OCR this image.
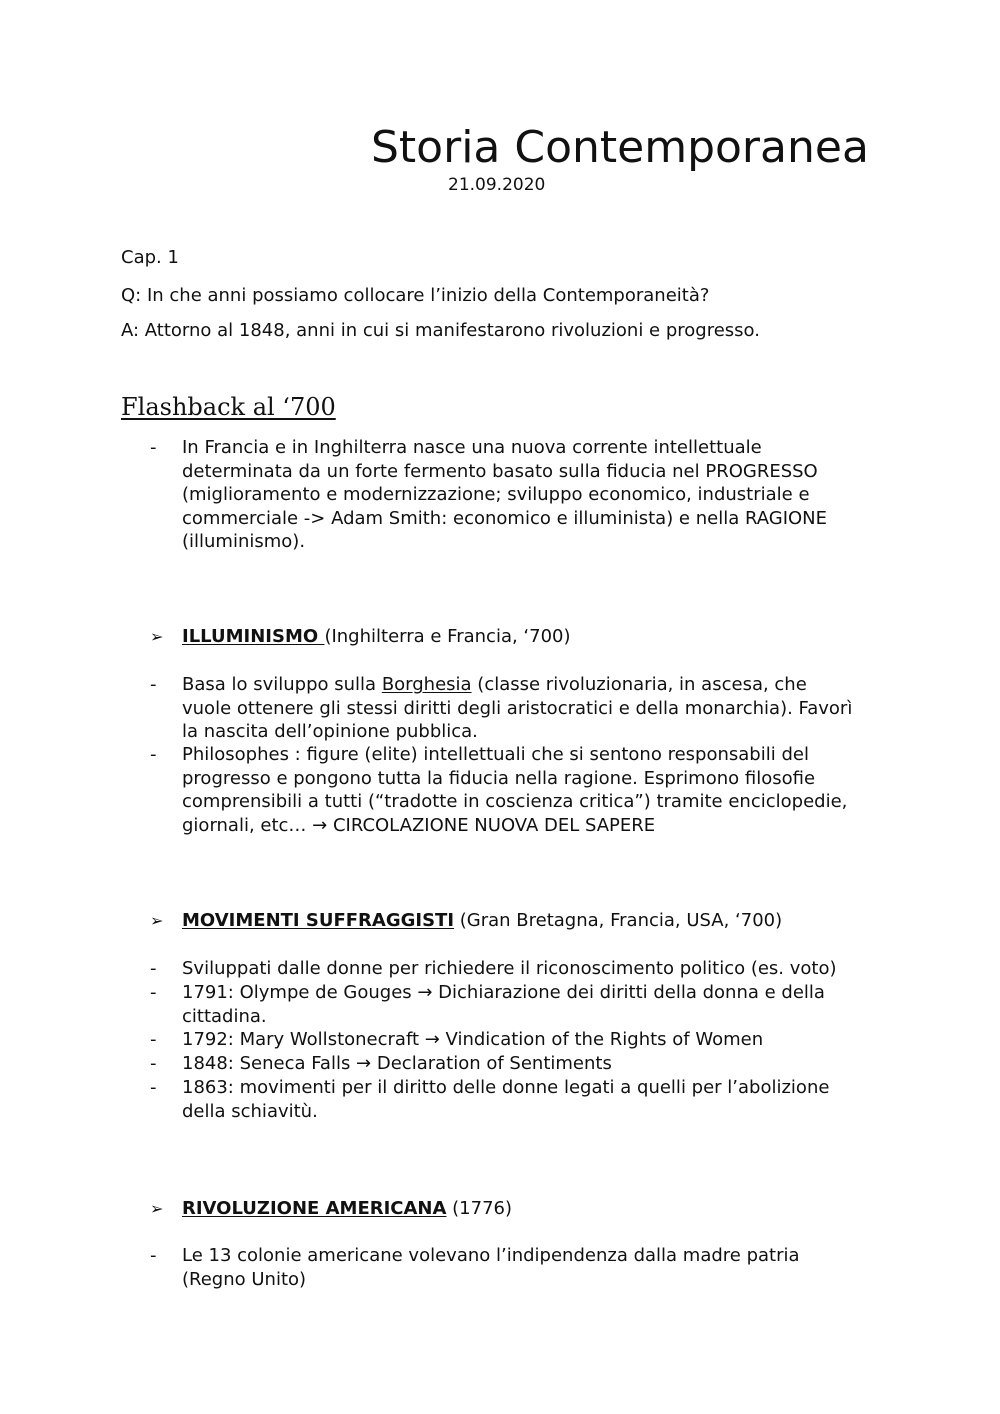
Storia Contemporanea
21.09.2020
Cap. 1
Q: In che anni possiamo collocare l’inizio della Contemporaneità?
A: Attorno al 1848, anni in cui si manifestarono rivoluzioni e progresso.
Flashback al ‘700
-	In Francia e in Inghilterra nasce una nuova corrente intellettuale
determinata da un forte fermento basato sulla fiducia nel PROGRESSO
(miglioramento e modernizzazione; sviluppo economico, industriale e
commerciale -> Adam Smith: economico e illuminista) e nella RAGIONE
(illuminismo).
➢ ILLUMINISMO (Inghilterra e Francia, ‘700)
-	Basa lo sviluppo sulla Borghesia (classe rivoluzionaria, in ascesa, che
vuole ottenere gli stessi diritti degli aristocratici e della monarchia). Favorì
la nascita dell’opinione pubblica.
-	Philosophes : figure (elite) intellettuali che si sentono responsabili del
progresso e pongono tutta la fiducia nella ragione. Esprimono filosofie
comprensibili a tutti (“tradotte in coscienza critica”) tramite enciclopedie,
giornali, etc… → CIRCOLAZIONE NUOVA DEL SAPERE
➢ MOVIMENTI SUFFRAGGISTI (Gran Bretagna, Francia, USA, ‘700)
-	Sviluppati dalle donne per richiedere il riconoscimento politico (es. voto)
-	1791: Olympe de Gouges → Dichiarazione dei diritti della donna e della
cittadina.
-	1792: Mary Wollstonecraft → Vindication of the Rights of Women
-	1848: Seneca Falls → Declaration of Sentiments
-	1863: movimenti per il diritto delle donne legati a quelli per l’abolizione
della schiavitù.
➢ RIVOLUZIONE AMERICANA (1776)
-	Le 13 colonie americane volevano l’indipendenza dalla madre patria
(Regno Unito)
